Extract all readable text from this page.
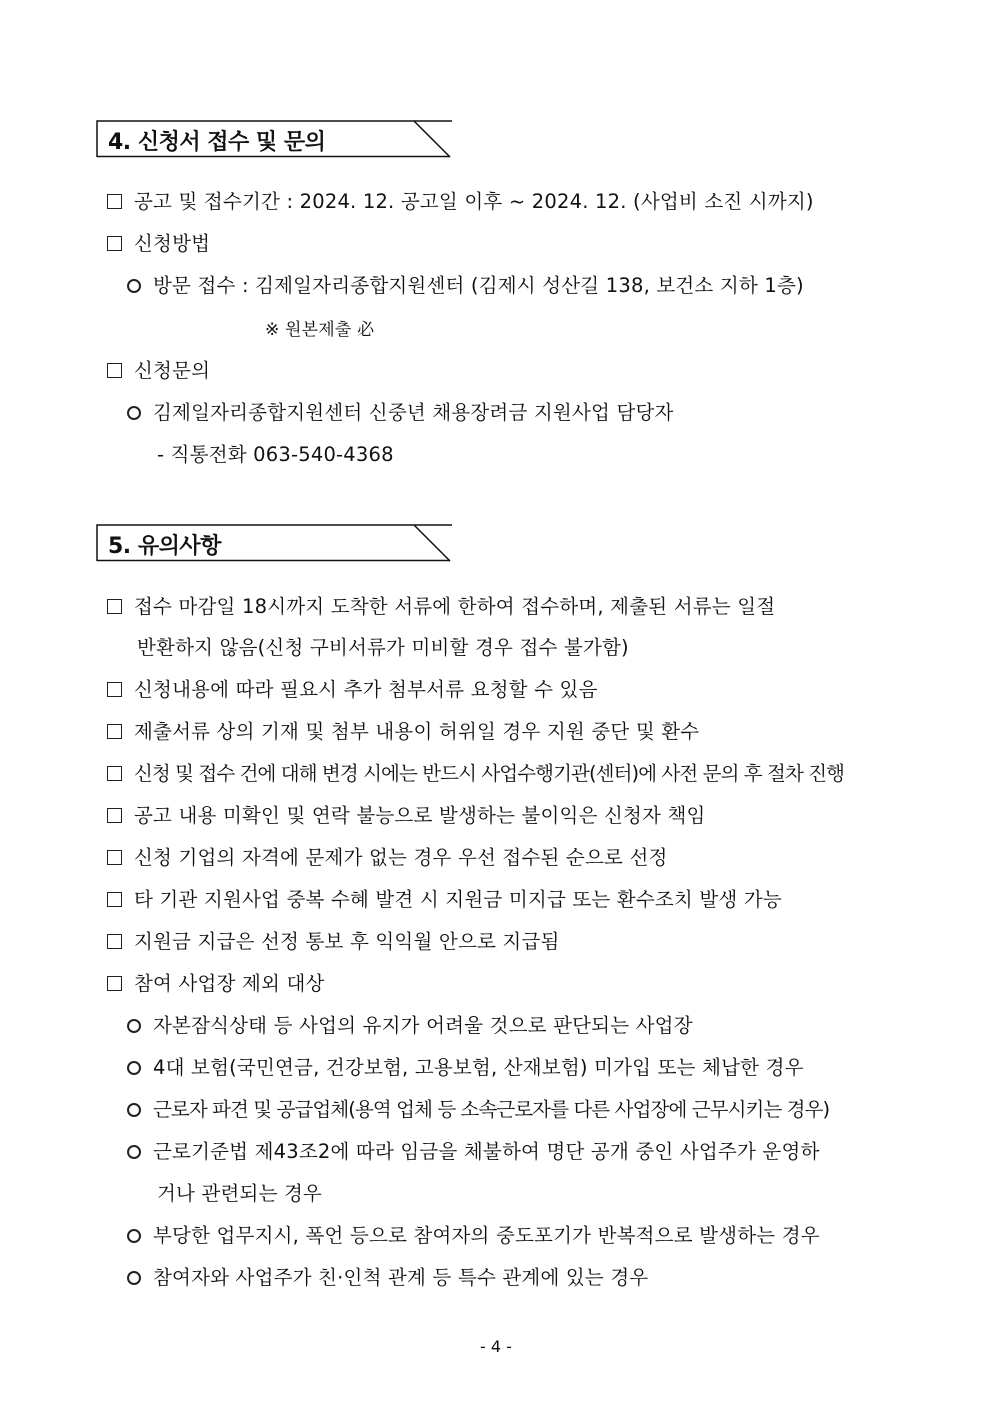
4. 신청서 접수 및 문의
공고 및 접수기간 : 2024. 12. 공고일 이후 ~ 2024. 12. (사업비 소진 시까지)
신청방법
방문 접수 : 김제일자리종합지원센터 (김제시 성산길 138, 보건소 지하 1층)
※ 원본제출 必
신청문의
김제일자리종합지원센터 신중년 채용장려금 지원사업 담당자
- 직통전화 063-540-4368
5. 유의사항
접수 마감일 18시까지 도착한 서류에 한하여 접수하며, 제출된 서류는 일절
반환하지 않음(신청 구비서류가 미비할 경우 접수 불가함)
신청내용에 따라 필요시 추가 첨부서류 요청할 수 있음
제출서류 상의 기재 및 첨부 내용이 허위일 경우 지원 중단 및 환수
신청 및 접수 건에 대해 변경 시에는 반드시 사업수행기관(센터)에 사전 문의 후 절차 진행
공고 내용 미확인 및 연락 불능으로 발생하는 불이익은 신청자 책임
신청 기업의 자격에 문제가 없는 경우 우선 접수된 순으로 선정
타 기관 지원사업 중복 수혜 발견 시 지원금 미지급 또는 환수조치 발생 가능
지원금 지급은 선정 통보 후 익익월 안으로 지급됨
참여 사업장 제외 대상
자본잠식상태 등 사업의 유지가 어려울 것으로 판단되는 사업장
4대 보험(국민연금, 건강보험, 고용보험, 산재보험) 미가입 또는 체납한 경우
근로자 파견 및 공급업체(용역 업체 등 소속근로자를 다른 사업장에 근무시키는 경우)
근로기준법 제43조2에 따라 임금을 체불하여 명단 공개 중인 사업주가 운영하
거나 관련되는 경우
부당한 업무지시, 폭언 등으로 참여자의 중도포기가 반복적으로 발생하는 경우
참여자와 사업주가 친·인척 관계 등 특수 관계에 있는 경우
- 4 -
